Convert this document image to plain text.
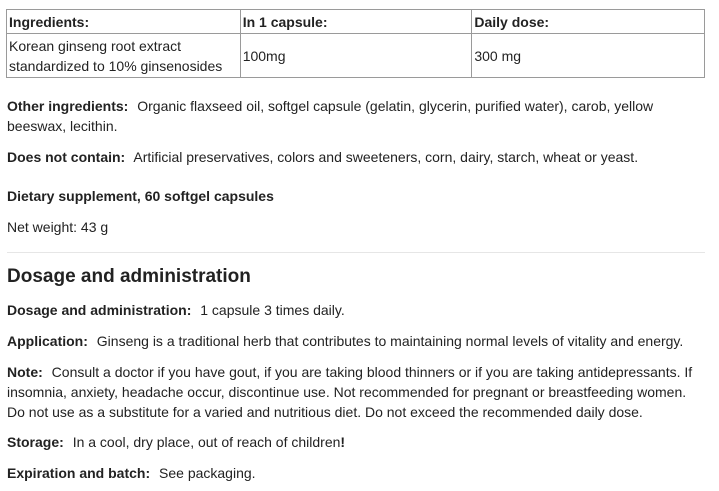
Ingredients:	In 1 capsule:	Daily dose:
Korean ginseng root extract
standardized to 10% ginsenosides	100mg	300 mg
Other ingredients: Organic flaxseed oil, softgel capsule (gelatin, glycerin, purified water), carob, yellow beeswax, lecithin.
Does not contain: Artificial preservatives, colors and sweeteners, corn, dairy, starch, wheat or yeast.
Dietary supplement, 60 softgel capsules
Net weight: 43 g
Dosage and administration
Dosage and administration: 1 capsule 3 times daily.
Application: Ginseng is a traditional herb that contributes to maintaining normal levels of vitality and energy.
Note: Consult a doctor if you have gout, if you are taking blood thinners or if you are taking antidepressants. If insomnia, anxiety, headache occur, discontinue use. Not recommended for pregnant or breastfeeding women. Do not use as a substitute for a varied and nutritious diet. Do not exceed the recommended daily dose.
Storage: In a cool, dry place, out of reach of children!
Expiration and batch: See packaging.
